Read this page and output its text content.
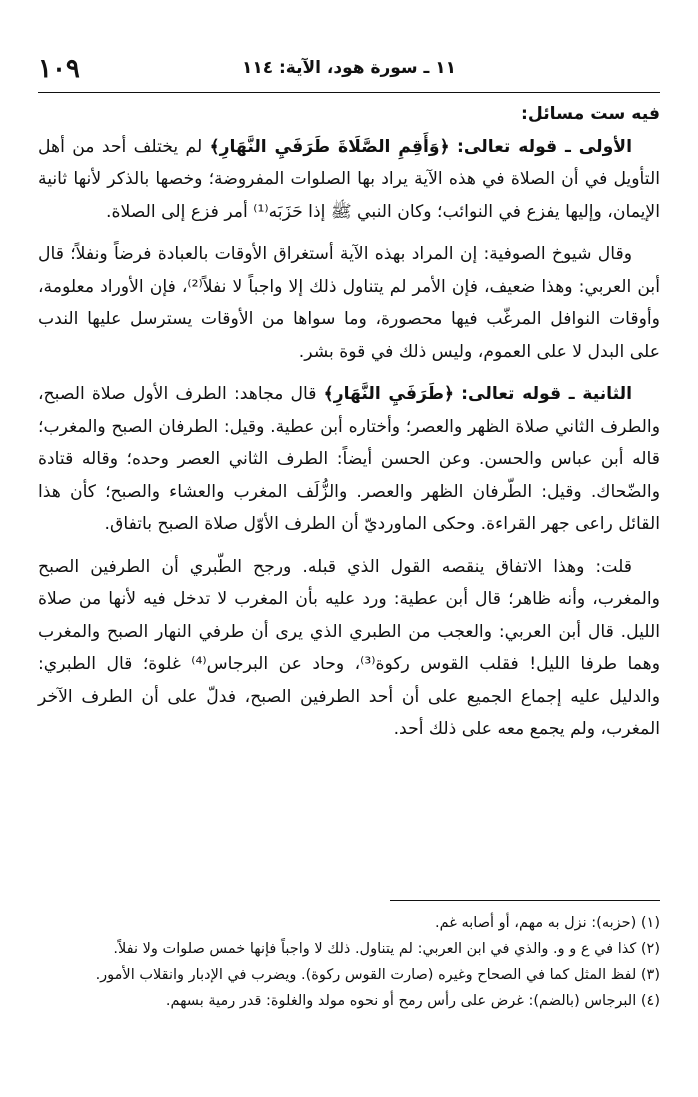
١٠٩	١١ ـ سورة هود، الآية: ١١٤

فيه ست مسائل:

الأولى ـ قوله تعالى: ﴿وَأَقِمِ الصَّلَاةَ طَرَفَيِ النَّهَارِ﴾ لم يختلف أحد من أهل التأويل في أن الصلاة في هذه الآية يراد بها الصلوات المفروضة؛ وخصها بالذكر لأنها ثانية الإيمان، وإليها يفزع في النوائب؛ وكان النبي ﷺ إذا حَزَبَه⁽¹⁾ أمر فزع إلى الصلاة.

وقال شيوخ الصوفية: إن المراد بهذه الآية أستغراق الأوقات بالعبادة فرضاً ونفلاً؛ قال أبن العربي: وهذا ضعيف، فإن الأمر لم يتناول ذلك إلا واجباً لا نفلاً⁽²⁾، فإن الأوراد معلومة، وأوقات النوافل المرغّب فيها محصورة، وما سواها من الأوقات يسترسل عليها الندب على البدل لا على العموم، وليس ذلك في قوة بشر.

الثانية ـ قوله تعالى: ﴿طَرَفَيِ النَّهَارِ﴾ قال مجاهد: الطرف الأول صلاة الصبح، والطرف الثاني صلاة الظهر والعصر؛ وأختاره أبن عطية. وقيل: الطرفان الصبح والمغرب؛ قاله أبن عباس والحسن. وعن الحسن أيضاً: الطرف الثاني العصر وحده؛ وقاله قتادة والضّحاك. وقيل: الطّرفان الظهر والعصر. والزُّلَف المغرب والعشاء والصبح؛ كأن هذا القائل راعى جهر القراءة. وحكى الماورديّ أن الطرف الأوّل صلاة الصبح باتفاق.

قلت: وهذا الاتفاق ينقصه القول الذي قبله. ورجح الطّبري أن الطرفين الصبح والمغرب، وأنه ظاهر؛ قال أبن عطية: ورد عليه بأن المغرب لا تدخل فيه لأنها من صلاة الليل. قال أبن العربي: والعجب من الطبري الذي يرى أن طرفي النهار الصبح والمغرب وهما طرفا الليل! فقلب القوس ركوة⁽³⁾، وحاد عن البرجاس⁽⁴⁾ غلوة؛ قال الطبري: والدليل عليه إجماع الجميع على أن أحد الطرفين الصبح، فدلّ على أن الطرف الآخر المغرب، ولم يجمع معه على ذلك أحد.

(١) (حزبه): نزل به مهم، أو أصابه غم.

(٢) كذا في ع و و. والذي في ابن العربي: لم يتناول. ذلك لا واجباً فإنها خمس صلوات ولا نفلاً.

(٣) لفظ المثل كما في الصحاح وغيره (صارت القوس ركوة). ويضرب في الإدبار وانقلاب الأمور.

(٤) البرجاس (بالضم): غرض على رأس رمح أو نحوه مولد والغلوة: قدر رمية بسهم.
